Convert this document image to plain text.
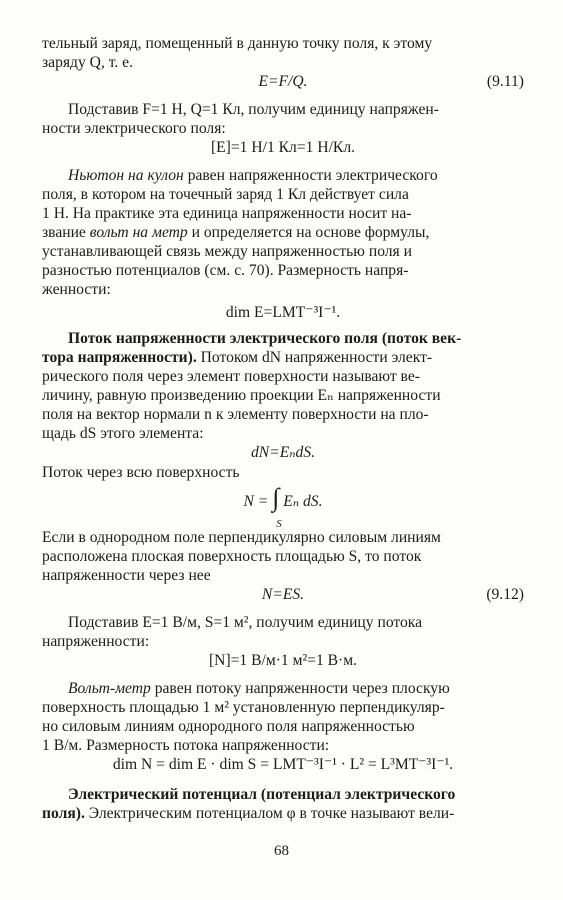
тельный заряд, помещенный в данную точку поля, к этому

заряду Q, т. е.

E=F/Q.	(9.11)

Подставив F=1 Н, Q=1 Кл, получим единицу напряжен-

ности электрического поля:

[E]=1 Н/1 Кл=1 Н/Кл.

Ньютон на кулон равен напряженности электрического

поля, в котором на точечный заряд 1 Кл действует сила

1 Н. На практике эта единица напряженности носит на-

звание вольт на метр и определяется на основе формулы,

устанавливающей связь между напряженностью поля и

разностью потенциалов (см. с. 70). Размерность напря-

женности:

dim E=LMT⁻³I⁻¹.

Поток напряженности электрического поля (поток век-

тора напряженности). Потоком dN напряженности элект-

рического поля через элемент поверхности называют ве-

личину, равную произведению проекции Eₙ напряженности

поля на вектор нормали n к элементу поверхности на пло-

щадь dS этого элемента:

dN=EₙdS.

Поток через всю поверхность

N = ∫
S
Eₙ dS.

Если в однородном поле перпендикулярно силовым линиям

расположена плоская поверхность площадью S, то поток

напряженности через нее

N=ES.	(9.12)

Подставив E=1 В/м, S=1 м², получим единицу потока

напряженности:

[N]=1 В/м·1 м²=1 В·м.

Вольт-метр равен потоку напряженности через плоскую

поверхность площадью 1 м² установленную перпендикуляр-

но силовым линиям однородного поля напряженностью

1 В/м. Размерность потока напряженности:

dim N = dim E · dim S = LMT⁻³I⁻¹ · L² = L³MT⁻³I⁻¹.

Электрический потенциал (потенциал электрического

поля). Электрическим потенциалом φ в точке называют вели-

68
